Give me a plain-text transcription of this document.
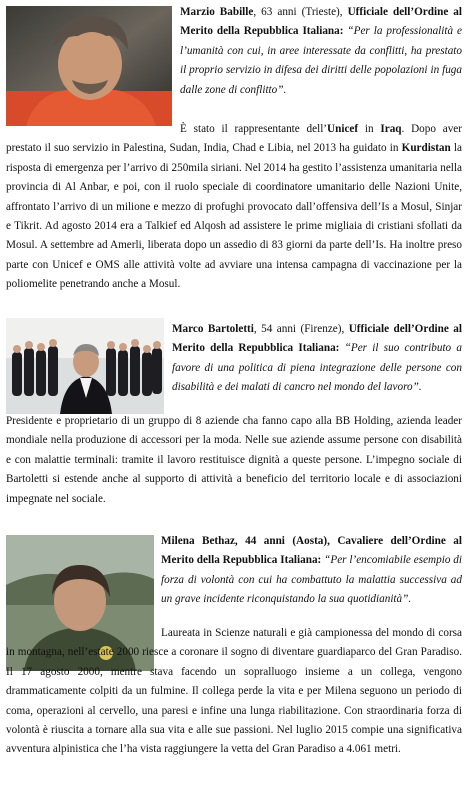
Marzio Babille, 63 anni (Trieste), Ufficiale dell’Ordine al Merito della Repubblica Italiana: “Per la professionalità e l’umanità con cui, in aree interessate da conflitti, ha prestato il proprio servizio in difesa dei diritti delle popolazioni in fuga dalle zone di conflitto”.
È stato il rappresentante dell’Unicef in Iraq. Dopo aver prestato il suo servizio in Palestina, Sudan, India, Chad e Libia, nel 2013 ha guidato in Kurdistan la risposta di emergenza per l’arrivo di 250mila siriani. Nel 2014 ha gestito l’assistenza umanitaria nella provincia di Al Anbar, e poi, con il ruolo speciale di coordinatore umanitario delle Nazioni Unite, affrontato l’arrivo di un milione e mezzo di profughi provocato dall’offensiva dell’Is a Mosul, Sinjar e Tikrit. Ad agosto 2014 era a Talkief ed Alqosh ad assistere le prime migliaia di cristiani sfollati da Mosul. A settembre ad Amerli, liberata dopo un assedio di 83 giorni da parte dell’Is. Ha inoltre preso parte con Unicef e OMS alle attività volte ad avviare una intensa campagna di vaccinazione per la poliomelite penetrando anche a Mosul.
Marco Bartoletti, 54 anni (Firenze), Ufficiale dell’Ordine al Merito della Repubblica Italiana: “Per il suo contributo a favore di una politica di piena integrazione delle persone con disabilità e dei malati di cancro nel mondo del lavoro”.
Presidente e proprietario di un gruppo di 8 aziende cha fanno capo alla BB Holding, azienda leader mondiale nella produzione di accessori per la moda. Nelle sue aziende assume persone con disabilità e con malattie terminali: tramite il lavoro restituisce dignità a queste persone. L’impegno sociale di Bartoletti si estende anche al supporto di attività a beneficio del territorio locale e di associazioni impegnate nel sociale.
Milena Bethaz, 44 anni (Aosta), Cavaliere dell’Ordine al Merito della Repubblica Italiana: “Per l’encomiabile esempio di forza di volontà con cui ha combattuto la malattia successiva ad un grave incidente riconquistando la sua quotidianità”.
Laureata in Scienze naturali e già campionessa del mondo di corsa in montagna, nell’estate 2000 riesce a coronare il sogno di diventare guardiaparco del Gran Paradiso. Il 17 agosto 2000, mentre stava facendo un sopralluogo insieme a un collega, vengono drammaticamente colpiti da un fulmine. Il collega perde la vita e per Milena seguono un periodo di coma, operazioni al cervello, una paresi e infine una lunga riabilitazione. Con straordinaria forza di volontà è riuscita a tornare alla sua vita e alle sue passioni. Nel luglio 2015 compie una significativa avventura alpinistica che l’ha vista raggiungere la vetta del Gran Paradiso a 4.061 metri.
